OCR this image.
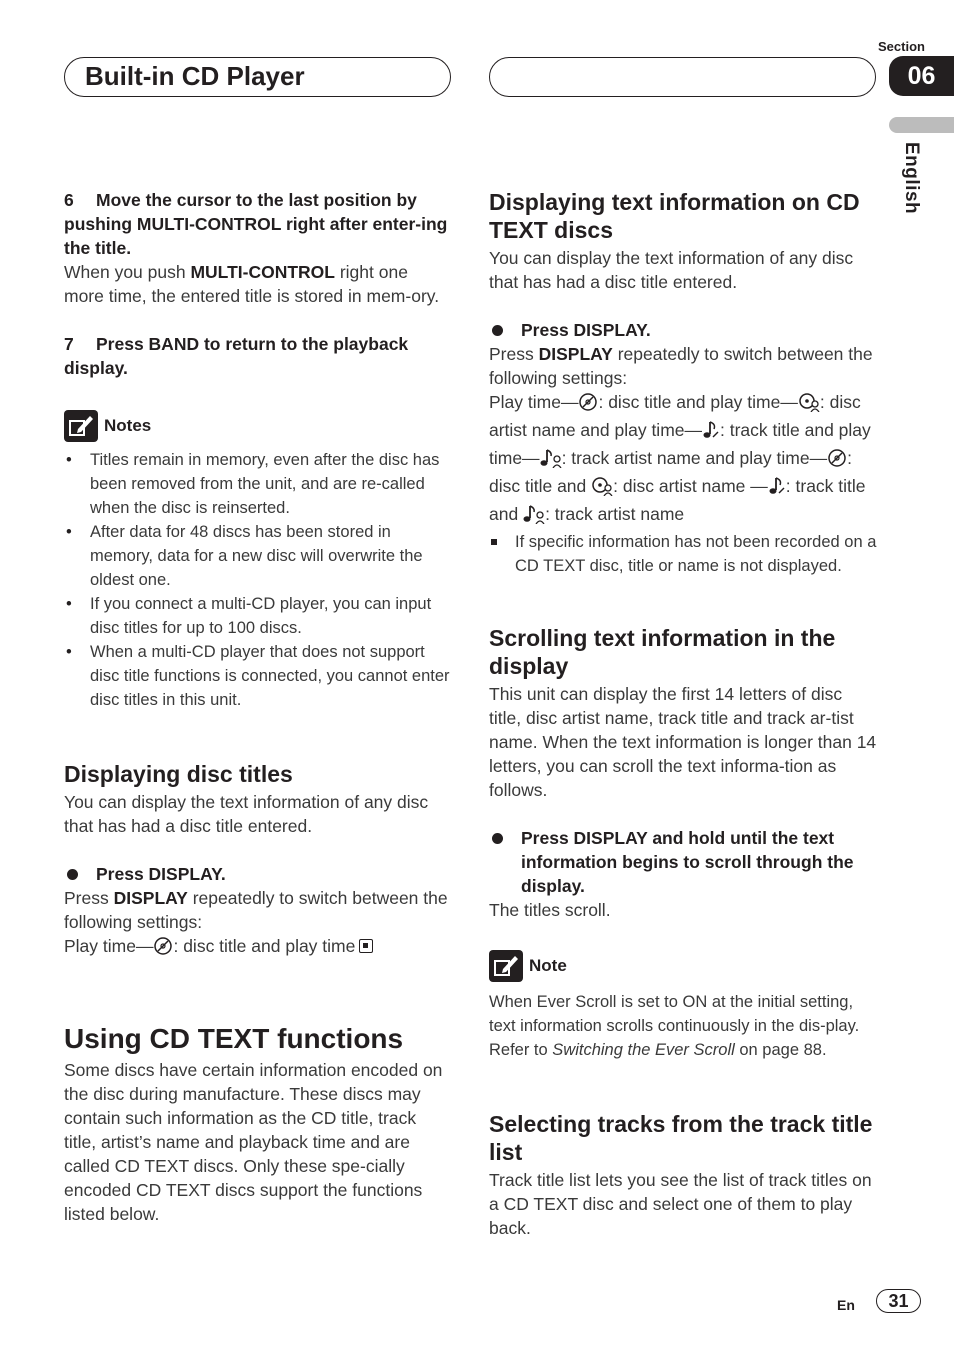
Built-in CD Player
Section
06
English

6 Move the cursor to the last position by pushing MULTI-CONTROL right after enter-ing the title.

When you push MULTI-CONTROL right one more time, the entered title is stored in mem-ory.

7 Press BAND to return to the playback display.

Notes
• Titles remain in memory, even after the disc has been removed from the unit, and are re-called when the disc is reinserted.
• After data for 48 discs has been stored in memory, data for a new disc will overwrite the oldest one.
• If you connect a multi-CD player, you can input disc titles for up to 100 discs.
• When a multi-CD player that does not support disc title functions is connected, you cannot enter disc titles in this unit.
Displaying disc titles

You can display the text information of any disc that has had a disc title entered.

Press DISPLAY.

Press DISPLAY repeatedly to switch between the following settings:

Play time— : disc title and play time

Using CD TEXT functions

Some discs have certain information encoded on the disc during manufacture. These discs may contain such information as the CD title, track title, artist’s name and playback time and are called CD TEXT discs. Only these spe-cially encoded CD TEXT discs support the functions listed below.

Displaying text information on CD TEXT discs

You can display the text information of any disc that has had a disc title entered.

Press DISPLAY.

Press DISPLAY repeatedly to switch between the following settings:

Play time— : disc title and play time— : disc artist name and play time— : track title and play time— : track artist name and play time— : disc title and : disc artist name — : track title and : track artist name

If specific information has not been recorded on a CD TEXT disc, title or name is not displayed.

Scrolling text information in the display

This unit can display the first 14 letters of disc title, disc artist name, track title and track ar-tist name. When the text information is longer than 14 letters, you can scroll the text informa-tion as follows.

Press DISPLAY and hold until the text information begins to scroll through the display.

The titles scroll.

Note

When Ever Scroll is set to ON at the initial setting, text information scrolls continuously in the dis-play. Refer to Switching the Ever Scroll on page 88.

Selecting tracks from the track title list

Track title list lets you see the list of track titles on a CD TEXT disc and select one of them to play back.

En	31
